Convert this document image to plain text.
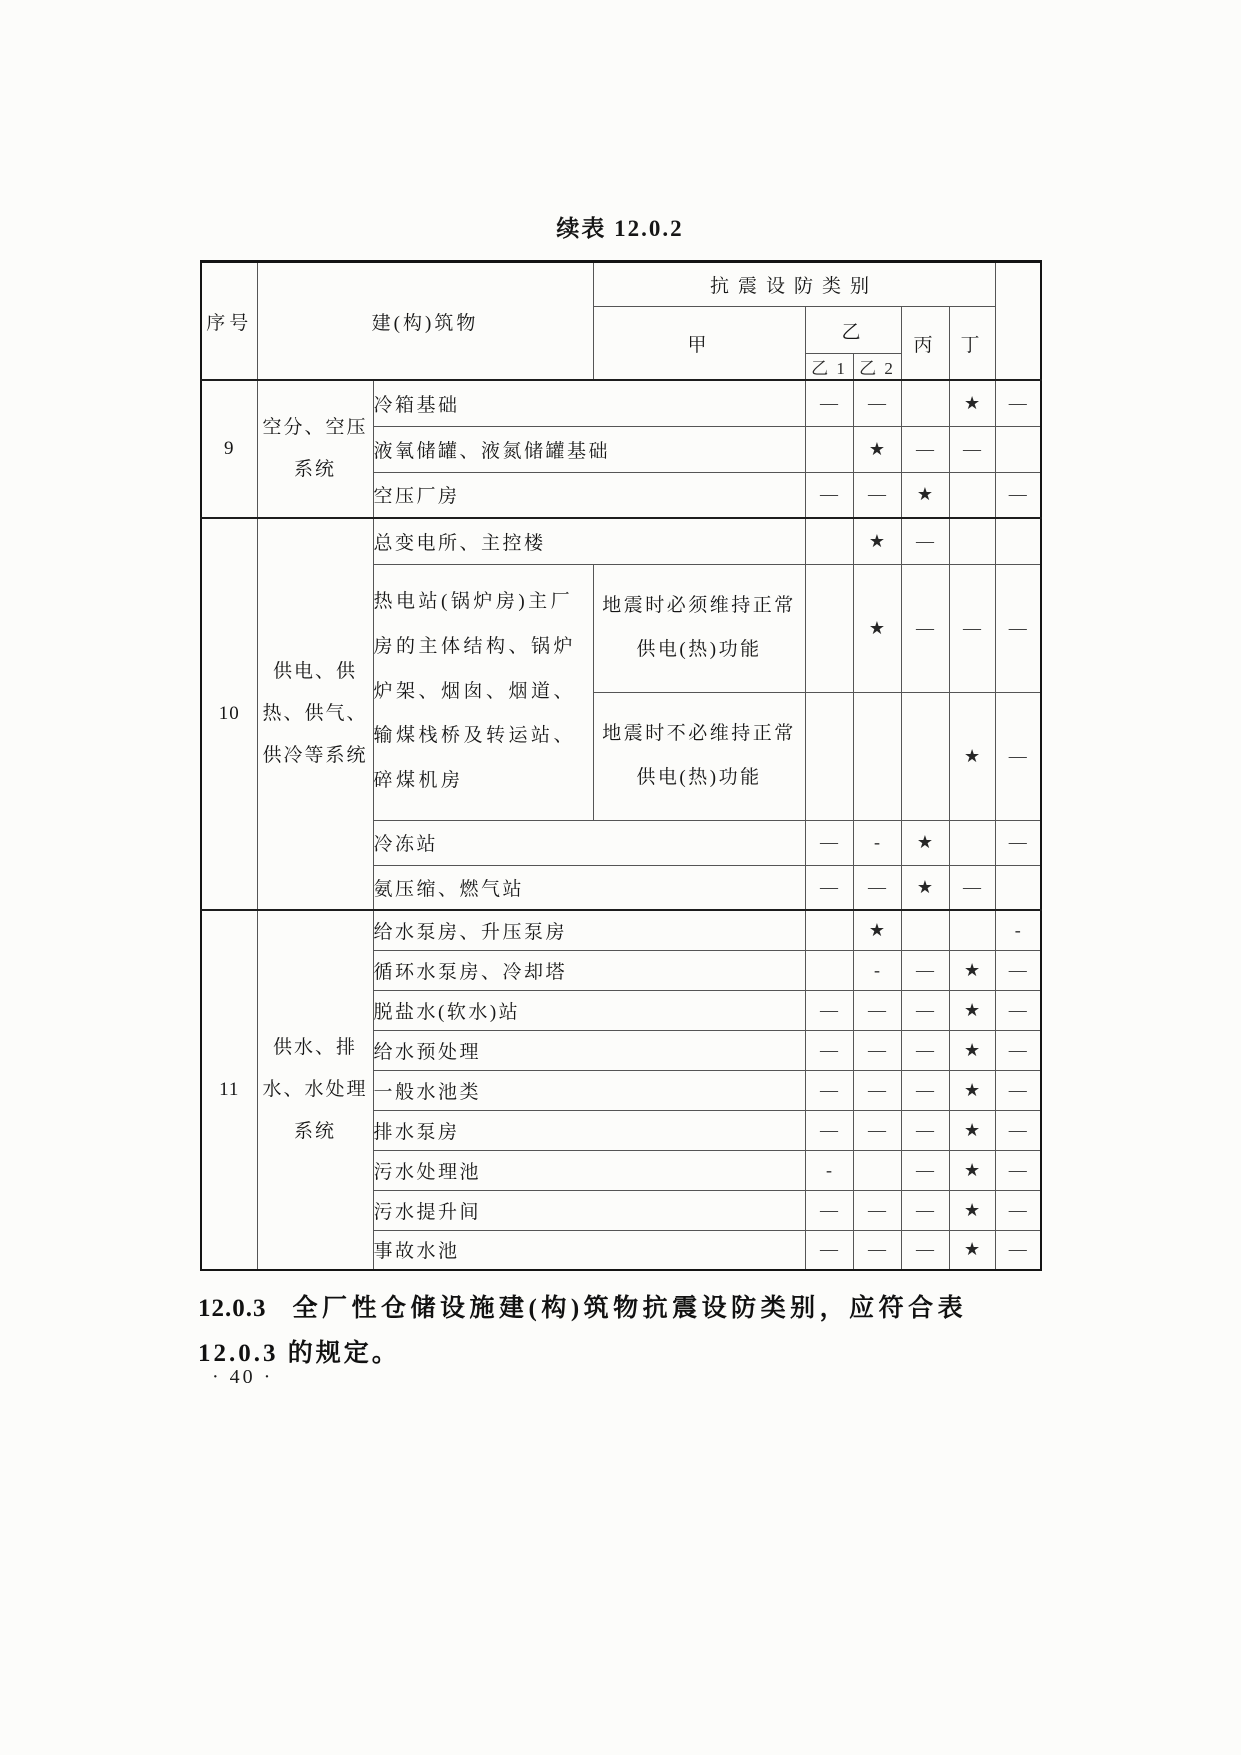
续表 12.0.2
序号	建(构)筑物		抗震设防类别					
			甲	乙		丙	丁	
				乙 1	乙 2			
9	空分、空压系统	冷箱基础		—	—		★	—
		液氧储罐、液氮储罐基础			★	—	—	
		空压厂房		—	—	★		—
10	供电、供热、供气、供冷等系统	总变电所、主控楼			★	—		
		热电站(锅炉房)主厂房的主体结构、锅炉炉架、烟囱、烟道、输煤栈桥及转运站、碎煤机房	地震时必须维持正常供电(热)功能		★	—	—	—
			地震时不必维持正常供电(热)功能				★	—
		冷冻站		—	-	★		—
		氨压缩、燃气站		—	—	★	—	
11	供水、排水、水处理系统	给水泵房、升压泵房			★			-
		循环水泵房、冷却塔			-	—	★	—
		脱盐水(软水)站		—	—	—	★	—
		给水预处理		—	—	—	★	—
		一般水池类		—	—	—	★	—
		排水泵房		—	—	—	★	—
		污水处理池		-		—	★	—
		污水提升间		—	—	—	★	—
		事故水池		—	—	—	★	—
12.0.3 全厂性仓储设施建(构)筑物抗震设防类别，应符合表
12.0.3 的规定。
· 40 ·
